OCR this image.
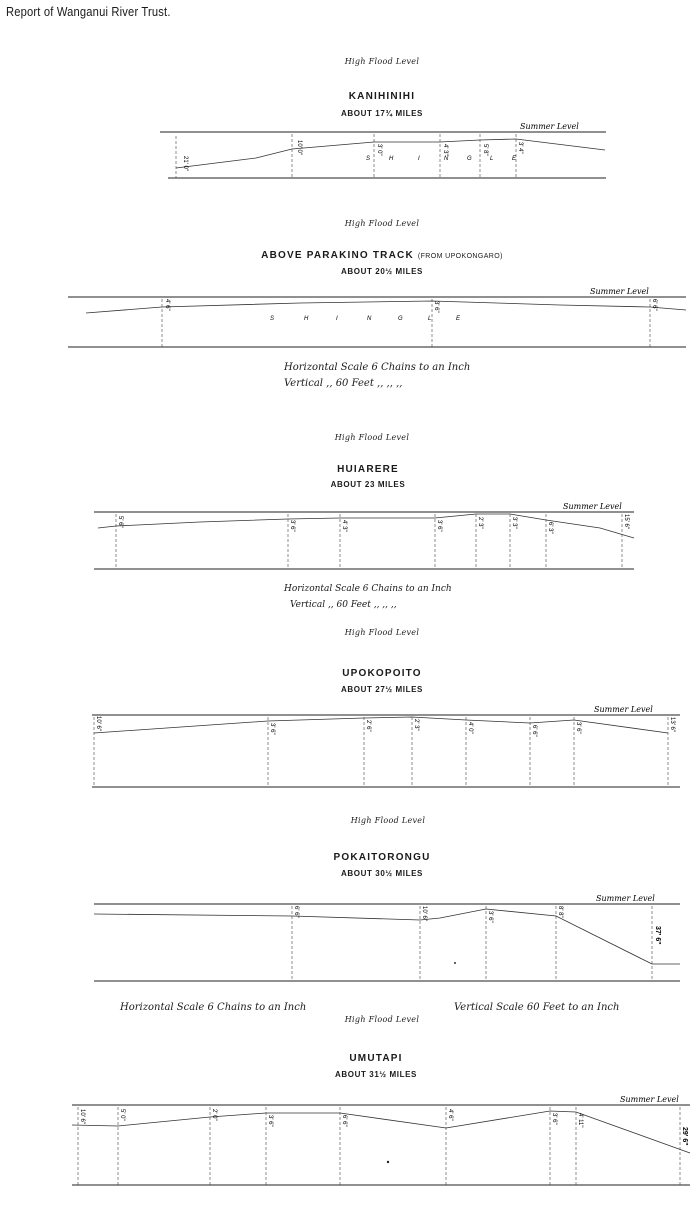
Report of Wanganui River Trust.
High Flood Level
KANIHINIHI
ABOUT 17¾ MILES
Summer Level
21' 0"
10' 0"	3' 0"	4' 3"	5' 8"	3' 4"
S	H	I	N	G	L	E
High Flood Level
ABOVE PARAKINO TRACK (FROM UPOKONGARO)
ABOUT 20½ MILES
Summer Level
4' 6"	3' 6"	6' 6"
S	H	I	N	G	L	E
Horizontal Scale 6 Chains to an Inch
Vertical ,, 60 Feet ,, ,, ,,
High Flood Level
HUIARERE
ABOUT 23 MILES
Summer Level
5' 6"	3' 6"	4' 3"	3' 6"	2' 3"	3' 3"	6' 3"	15' 6"
Horizontal Scale 6 Chains to an Inch
Vertical ,, 60 Feet ,, ,, ,,
High Flood Level
UPOKOPOITO
ABOUT 27½ MILES
Summer Level
10' 6"	3' 6"	2' 6"	2' 3"	4' 0"	6' 6"	3' 6"	13' 6"
High Flood Level
POKAITORONGU
ABOUT 30½ MILES
Summer Level
6' 6"	10' 6"	3' 6"	8' 8"
37' 6"
Horizontal Scale 6 Chains to an Inch	Vertical Scale 60 Feet to an Inch
High Flood Level
UMUTAPI
ABOUT 31½ MILES
Summer Level
10' 6"	5' 0"	2' 0"
3' 6"	6' 6"
4' 6"	3' 6"	4' 11"
29' 6"
